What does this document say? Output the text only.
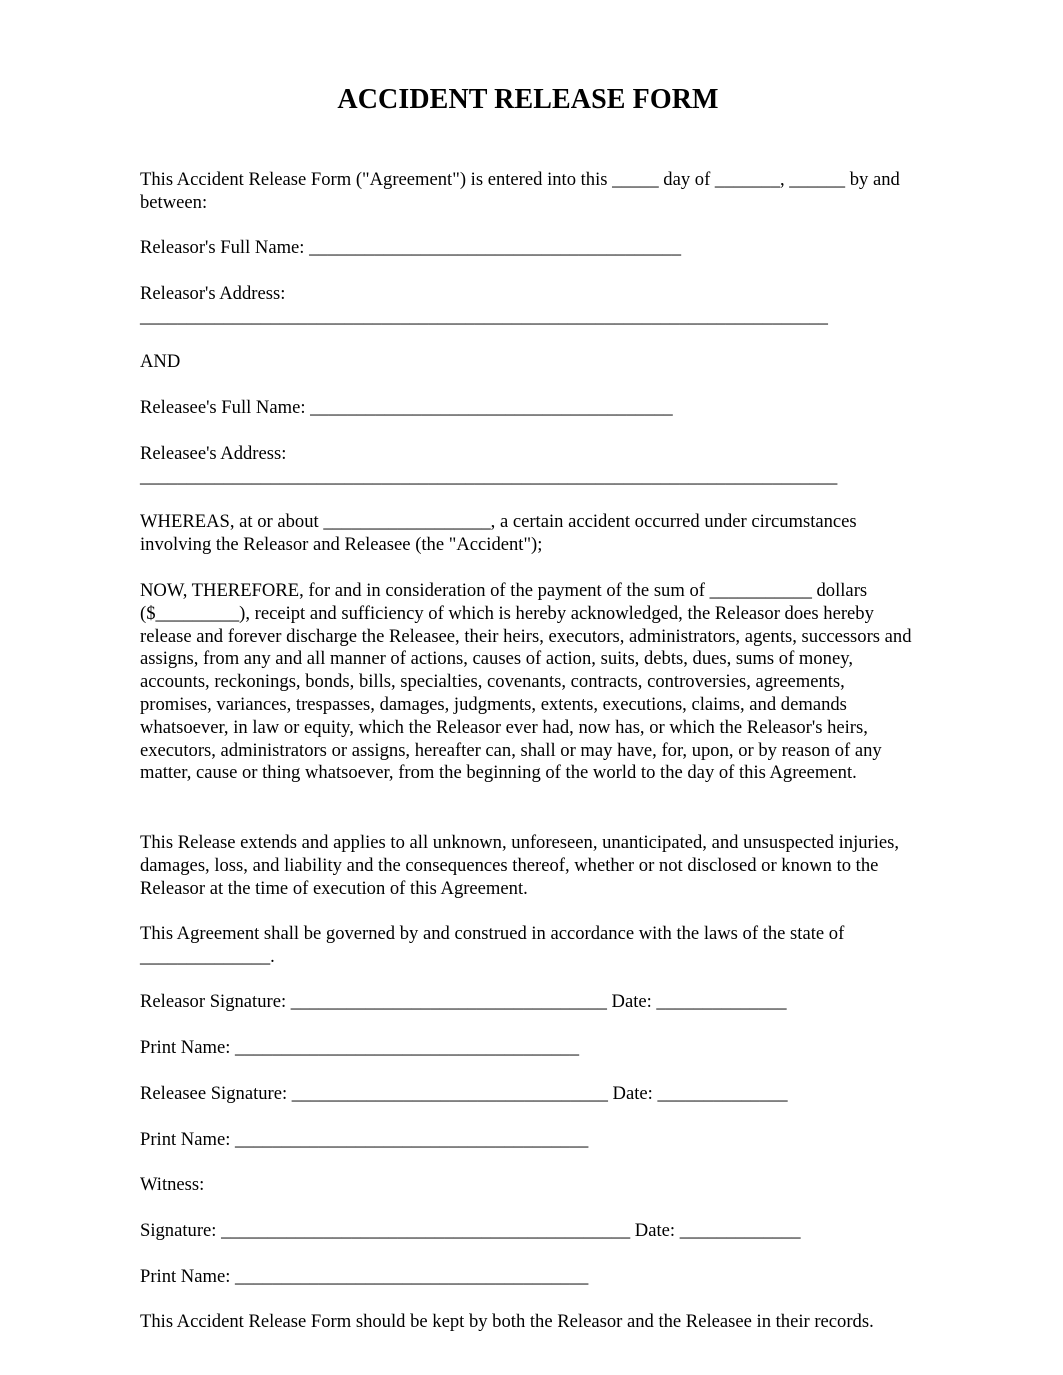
ACCIDENT RELEASE FORM
This Accident Release Form ("Agreement") is entered into this _____ day of _______, ______ by and between:
Releasor's Full Name: ________________________________________
Releasor's Address:
__________________________________________________________________________
AND
Releasee's Full Name: _______________________________________
Releasee's Address:
___________________________________________________________________________
WHEREAS, at or about __________________, a certain accident occurred under circumstances involving the Releasor and Releasee (the "Accident");
NOW, THEREFORE, for and in consideration of the payment of the sum of ___________ dollars ($_________), receipt and sufficiency of which is hereby acknowledged, the Releasor does hereby release and forever discharge the Releasee, their heirs, executors, administrators, agents, successors and assigns, from any and all manner of actions, causes of action, suits, debts, dues, sums of money, accounts, reckonings, bonds, bills, specialties, covenants, contracts, controversies, agreements, promises, variances, trespasses, damages, judgments, extents, executions, claims, and demands whatsoever, in law or equity, which the Releasor ever had, now has, or which the Releasor's heirs, executors, administrators or assigns, hereafter can, shall or may have, for, upon, or by reason of any matter, cause or thing whatsoever, from the beginning of the world to the day of this Agreement.
This Release extends and applies to all unknown, unforeseen, unanticipated, and unsuspected injuries, damages, loss, and liability and the consequences thereof, whether or not disclosed or known to the Releasor at the time of execution of this Agreement.
This Agreement shall be governed by and construed in accordance with the laws of the state of ______________.
Releasor Signature: __________________________________ Date: ______________
Print Name: _____________________________________
Releasee Signature: __________________________________ Date: ______________
Print Name: ______________________________________
Witness:
Signature: ____________________________________________ Date: _____________
Print Name: ______________________________________
This Accident Release Form should be kept by both the Releasor and the Releasee in their records.
